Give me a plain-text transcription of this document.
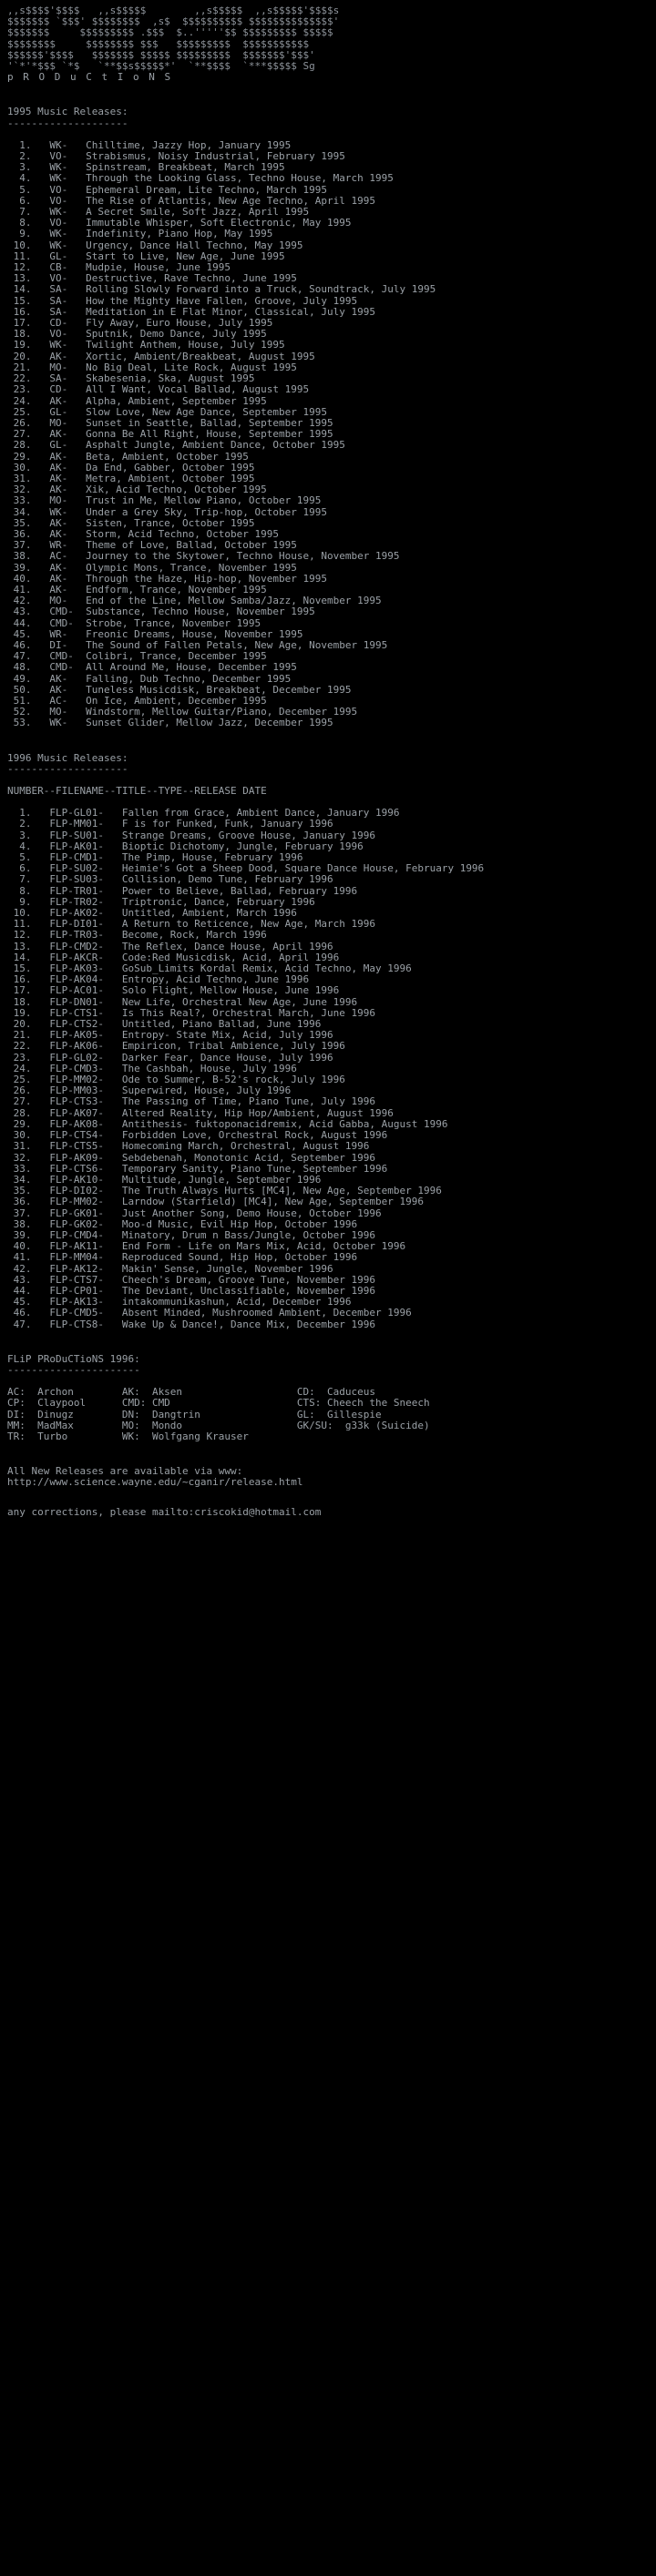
,,s$$$$'$$$$   ,,s$$$$$        ,,s$$$$$  ,,s$$$$$'$$$$s
$$$$$$$ `$$$' $$$$$$$$  ,s$  $$$$$$$$$$ $$$$$$$$$$$$$$'
$$$$$$$     $$$$$$$$$ .$$$  $..'''''$$ $$$$$$$$$ $$$$$
$$$$$$$$     $$$$$$$$ $$$   $$$$$$$$$  $$$$$$$$$$$
$$$$$$'$$$$   $$$$$$$ $$$$$ $$$$$$$$$  $$$$$$$'$$$'
'`*'*$$$ `*$   `**$$s$$$$$*'  `**$$$$  `***$$$$$ Sg
p R O D u C t I o N S
1995 Music Releases:
--------------------
1.   WK-   Chilltime, Jazzy Hop, January 1995
2.   VO-   Strabismus, Noisy Industrial, February 1995
3.   WK-   Spinstream, Breakbeat, March 1995
4.   WK-   Through the Looking Glass, Techno House, March 1995
5.   VO-   Ephemeral Dream, Lite Techno, March 1995
6.   VO-   The Rise of Atlantis, New Age Techno, April 1995
7.   WK-   A Secret Smile, Soft Jazz, April 1995
8.   VO-   Immutable Whisper, Soft Electronic, May 1995
9.   WK-   Indefinity, Piano Hop, May 1995
10.   WK-   Urgency, Dance Hall Techno, May 1995
11.   GL-   Start to Live, New Age, June 1995
12.   CB-   Mudpie, House, June 1995
13.   VO-   Destructive, Rave Techno, June 1995
14.   SA-   Rolling Slowly Forward into a Truck, Soundtrack, July 1995
15.   SA-   How the Mighty Have Fallen, Groove, July 1995
16.   SA-   Meditation in E Flat Minor, Classical, July 1995
17.   CD-   Fly Away, Euro House, July 1995
18.   VO-   Sputnik, Demo Dance, July 1995
19.   WK-   Twilight Anthem, House, July 1995
20.   AK-   Xortic, Ambient/Breakbeat, August 1995
21.   MO-   No Big Deal, Lite Rock, August 1995
22.   SA-   Skabesenia, Ska, August 1995
23.   CD-   All I Want, Vocal Ballad, August 1995
24.   AK-   Alpha, Ambient, September 1995
25.   GL-   Slow Love, New Age Dance, September 1995
26.   MO-   Sunset in Seattle, Ballad, September 1995
27.   AK-   Gonna Be All Right, House, September 1995
28.   GL-   Asphalt Jungle, Ambient Dance, October 1995
29.   AK-   Beta, Ambient, October 1995
30.   AK-   Da End, Gabber, October 1995
31.   AK-   Metra, Ambient, October 1995
32.   AK-   Xik, Acid Techno, October 1995
33.   MO-   Trust in Me, Mellow Piano, October 1995
34.   WK-   Under a Grey Sky, Trip-hop, October 1995
35.   AK-   Sisten, Trance, October 1995
36.   AK-   Storm, Acid Techno, October 1995
37.   WR-   Theme of Love, Ballad, October 1995
38.   AC-   Journey to the Skytower, Techno House, November 1995
39.   AK-   Olympic Mons, Trance, November 1995
40.   AK-   Through the Haze, Hip-hop, November 1995
41.   AK-   Endform, Trance, November 1995
42.   MO-   End of the Line, Mellow Samba/Jazz, November 1995
43.   CMD-  Substance, Techno House, November 1995
44.   CMD-  Strobe, Trance, November 1995
45.   WR-   Freonic Dreams, House, November 1995
46.   DI-   The Sound of Fallen Petals, New Age, November 1995
47.   CMD-  Colibri, Trance, December 1995
48.   CMD-  All Around Me, House, December 1995
49.   AK-   Falling, Dub Techno, December 1995
50.   AK-   Tuneless Musicdisk, Breakbeat, December 1995
51.   AC-   On Ice, Ambient, December 1995
52.   MO-   Windstorm, Mellow Guitar/Piano, December 1995
53.   WK-   Sunset Glider, Mellow Jazz, December 1995
1996 Music Releases:
--------------------
NUMBER--FILENAME--TITLE--TYPE--RELEASE DATE
1.   FLP-GL01-   Fallen from Grace, Ambient Dance, January 1996
2.   FLP-MM01-   F is for Funked, Funk, January 1996
3.   FLP-SU01-   Strange Dreams, Groove House, January 1996
4.   FLP-AK01-   Bioptic Dichotomy, Jungle, February 1996
5.   FLP-CMD1-   The Pimp, House, February 1996
6.   FLP-SU02-   Heimie's Got a Sheep Dood, Square Dance House, February 1996
7.   FLP-SU03-   Collision, Demo Tune, February 1996
8.   FLP-TR01-   Power to Believe, Ballad, February 1996
9.   FLP-TR02-   Triptronic, Dance, February 1996
10.   FLP-AK02-   Untitled, Ambient, March 1996
11.   FLP-DI01-   A Return to Reticence, New Age, March 1996
12.   FLP-TR03-   Become, Rock, March 1996
13.   FLP-CMD2-   The Reflex, Dance House, April 1996
14.   FLP-AKCR-   Code:Red Musicdisk, Acid, April 1996
15.   FLP-AK03-   GoSub_Limits Kordal Remix, Acid Techno, May 1996
16.   FLP-AK04-   Entropy, Acid Techno, June 1996
17.   FLP-AC01-   Solo Flight, Mellow House, June 1996
18.   FLP-DN01-   New Life, Orchestral New Age, June 1996
19.   FLP-CTS1-   Is This Real?, Orchestral March, June 1996
20.   FLP-CTS2-   Untitled, Piano Ballad, June 1996
21.   FLP-AK05-   Entropy- State Mix, Acid, July 1996
22.   FLP-AK06-   Empiricon, Tribal Ambience, July 1996
23.   FLP-GL02-   Darker Fear, Dance House, July 1996
24.   FLP-CMD3-   The Cashbah, House, July 1996
25.   FLP-MM02-   Ode to Summer, B-52's rock, July 1996
26.   FLP-MM03-   Superwired, House, July 1996
27.   FLP-CTS3-   The Passing of Time, Piano Tune, July 1996
28.   FLP-AK07-   Altered Reality, Hip Hop/Ambient, August 1996
29.   FLP-AK08-   Antithesis- fuktoponacidremix, Acid Gabba, August 1996
30.   FLP-CTS4-   Forbidden Love, Orchestral Rock, August 1996
31.   FLP-CTS5-   Homecoming March, Orchestral, August 1996
32.   FLP-AK09-   Sebdebenah, Monotonic Acid, September 1996
33.   FLP-CTS6-   Temporary Sanity, Piano Tune, September 1996
34.   FLP-AK10-   Multitude, Jungle, September 1996
35.   FLP-DI02-   The Truth Always Hurts [MC4], New Age, September 1996
36.   FLP-MM02-   Larndow (Starfield) [MC4], New Age, September 1996
37.   FLP-GK01-   Just Another Song, Demo House, October 1996
38.   FLP-GK02-   Moo-d Music, Evil Hip Hop, October 1996
39.   FLP-CMD4-   Minatory, Drum n Bass/Jungle, October 1996
40.   FLP-AK11-   End Form - Life on Mars Mix, Acid, October 1996
41.   FLP-MM04-   Reproduced Sound, Hip Hop, October 1996
42.   FLP-AK12-   Makin' Sense, Jungle, November 1996
43.   FLP-CTS7-   Cheech's Dream, Groove Tune, November 1996
44.   FLP-CP01-   The Deviant, Unclassifiable, November 1996
45.   FLP-AK13-   intakommunikashun, Acid, December 1996
46.   FLP-CMD5-   Absent Minded, Mushroomed Ambient, December 1996
47.   FLP-CTS8-   Wake Up & Dance!, Dance Mix, December 1996
FLiP PRoDuCTioNS 1996:
----------------------
AC:  Archon        AK:  Aksen                   CD:  Caduceus
CP:  Claypool      CMD: CMD                     CTS: Cheech the Sneech
DI:  Dinugz        DN:  Dangtrin                GL:  Gillespie
MM:  MadMax        MO:  Mondo                   GK/SU:  g33k (Suicide)
TR:  Turbo         WK:  Wolfgang Krauser
All New Releases are available via www:
http://www.science.wayne.edu/~cganir/release.html
any corrections, please mailto:criscokid@hotmail.com
